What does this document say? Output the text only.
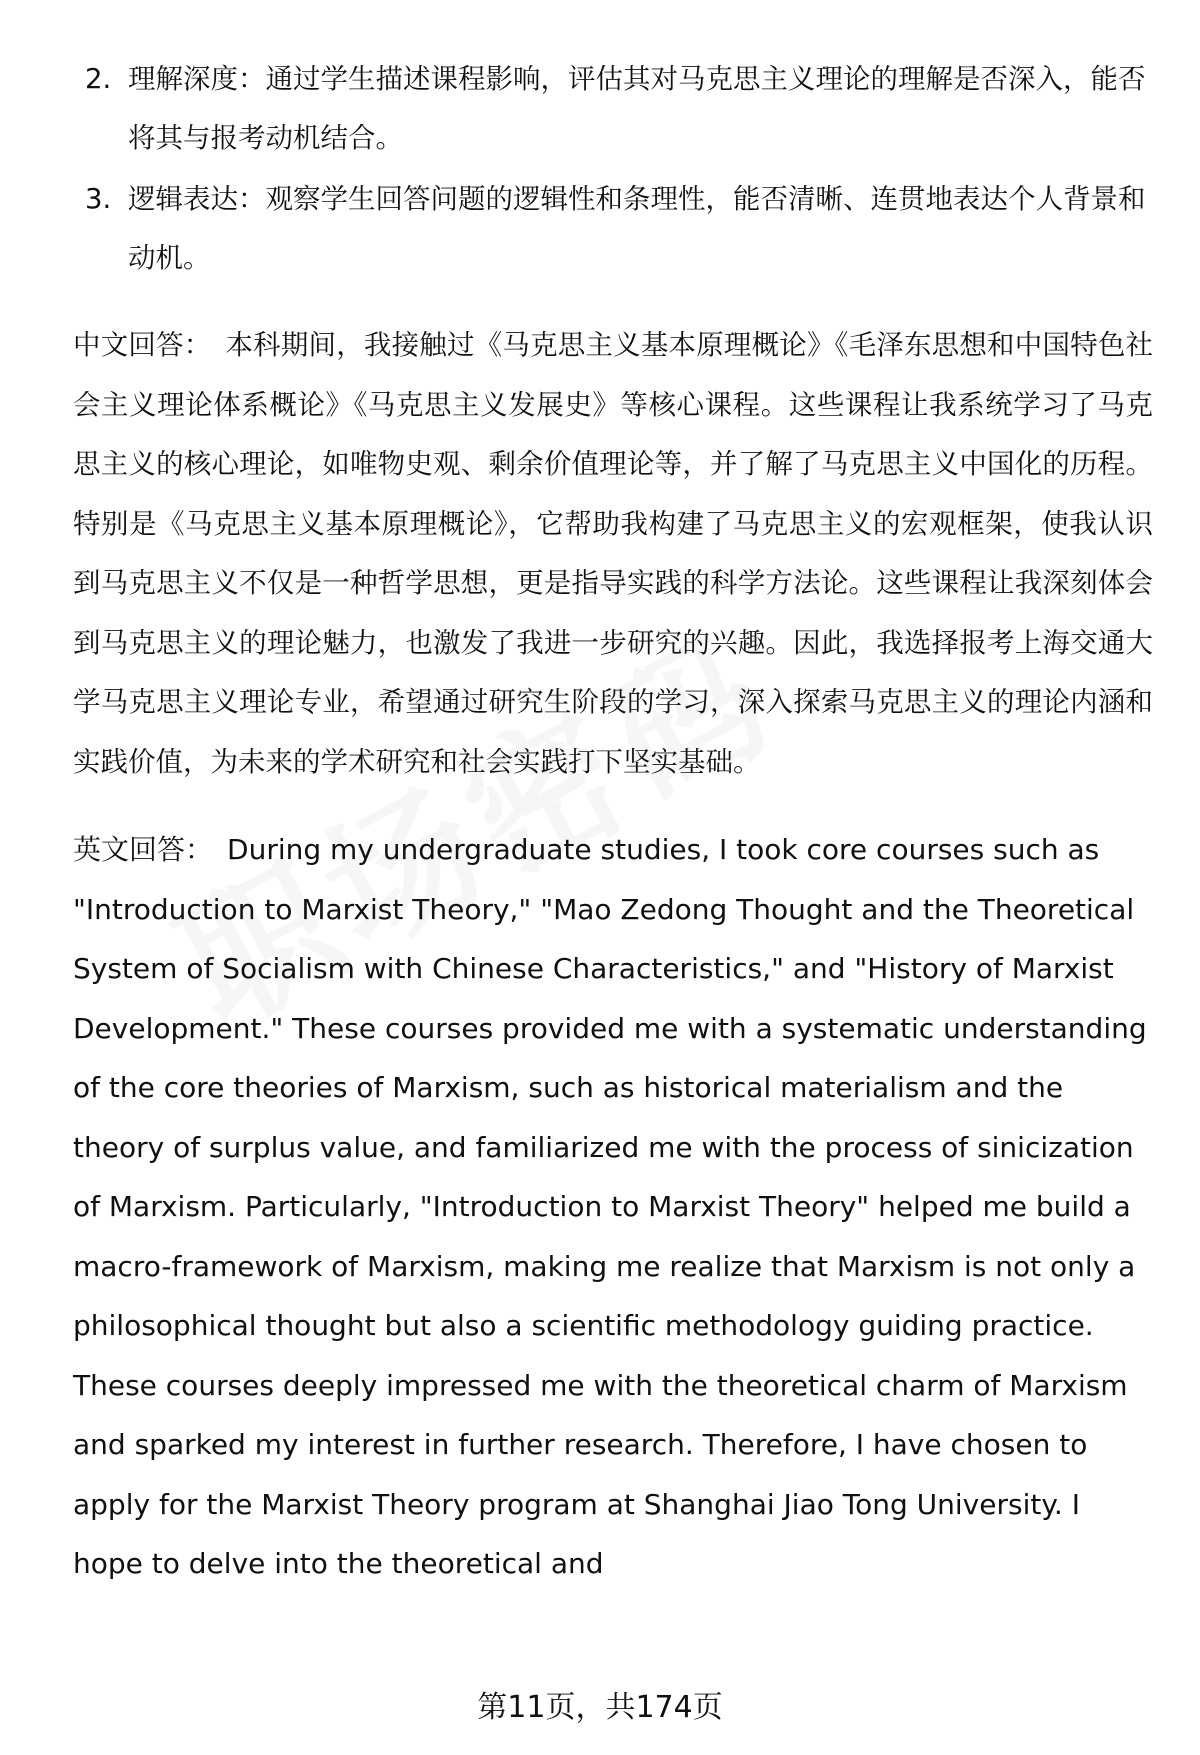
2. 理解深度：通过学生描述课程影响，评估其对马克思主义理论的理解是否深入，能否将其与报考动机结合。
3. 逻辑表达：观察学生回答问题的逻辑性和条理性，能否清晰、连贯地表达个人背景和动机。

中文回答： 本科期间，我接触过《马克思主义基本原理概论》《毛泽东思想和中国特色社会主义理论体系概论》《马克思主义发展史》等核心课程。这些课程让我系统学习了马克思主义的核心理论，如唯物史观、剩余价值理论等，并了解了马克思主义中国化的历程。特别是《马克思主义基本原理概论》，它帮助我构建了马克思主义的宏观框架，使我认识到马克思主义不仅是一种哲学思想，更是指导实践的科学方法论。这些课程让我深刻体会到马克思主义的理论魅力，也激发了我进一步研究的兴趣。因此，我选择报考上海交通大学马克思主义理论专业，希望通过研究生阶段的学习，深入探索马克思主义的理论内涵和实践价值，为未来的学术研究和社会实践打下坚实基础。

英文回答： During my undergraduate studies, I took core courses such as "Introduction to Marxist Theory," "Mao Zedong Thought and the Theoretical System of Socialism with Chinese Characteristics," and "History of Marxist Development." These courses provided me with a systematic understanding of the core theories of Marxism, such as historical materialism and the theory of surplus value, and familiarized me with the process of sinicization of Marxism. Particularly, "Introduction to Marxist Theory" helped me build a macro-framework of Marxism, making me realize that Marxism is not only a philosophical thought but also a scientific methodology guiding practice. These courses deeply impressed me with the theoretical charm of Marxism and sparked my interest in further research. Therefore, I have chosen to apply for the Marxist Theory program at Shanghai Jiao Tong University. I hope to delve into the theoretical and

第11页，共174页
